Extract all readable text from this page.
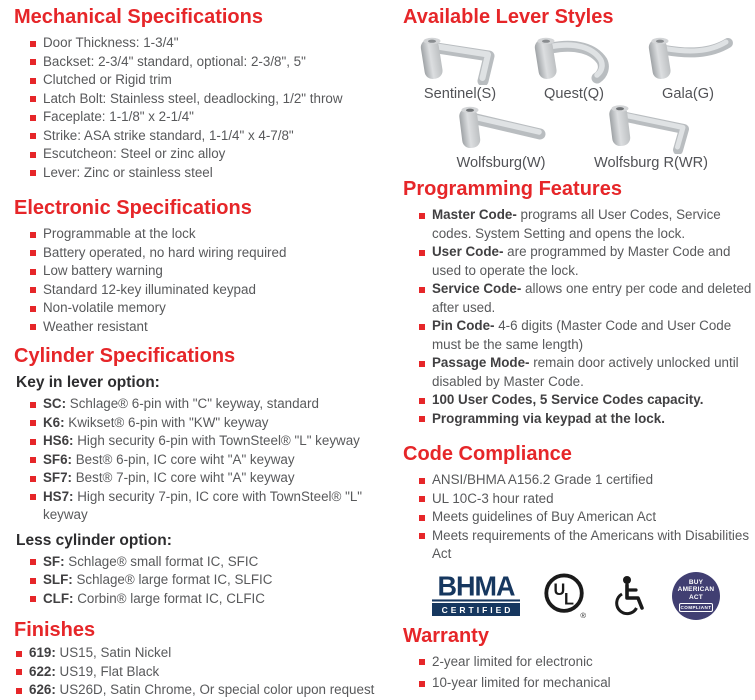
Mechanical Specifications
Door Thickness: 1-3/4"
Backset: 2-3/4" standard, optional: 2-3/8", 5"
Clutched or Rigid trim
Latch Bolt: Stainless steel, deadlocking, 1/2" throw
Faceplate: 1-1/8" x 2-1/4"
Strike: ASA strike standard, 1-1/4" x 4-7/8"
Escutcheon: Steel or zinc alloy
Lever: Zinc or stainless steel
Electronic Specifications
Programmable at the lock
Battery operated, no hard wiring required
Low battery warning
Standard 12-key illuminated keypad
Non-volatile memory
Weather resistant
Cylinder Specifications
Key in lever option:
SC: Schlage® 6-pin with "C" keyway, standard
K6: Kwikset® 6-pin with "KW" keyway
HS6: High security 6-pin with TownSteel® "L" keyway
SF6: Best® 6-pin, IC core wiht "A" keyway
SF7: Best® 7-pin, IC core wiht "A" keyway
HS7: High security 7-pin, IC core with TownSteel® "L" keyway
Less cylinder option:
SF: Schlage® small format IC, SFIC
SLF: Schlage® large format IC, SLFIC
CLF: Corbin® large format IC, CLFIC
Finishes
619: US15, Satin Nickel
622: US19, Flat Black
626: US26D, Satin Chrome, Or special color upon request
Available Lever Styles
Sentinel(S)	Quest(Q)	Gala(G)
Wolfsburg(W)	Wolfsburg R(WR)
Programming Features
Master Code- programs all User Codes, Service codes. System Setting and opens the lock.
User Code- are programmed by Master Code and used to operate the lock.
Service Code- allows one entry per code and deleted after used.
Pin Code- 4-6 digits (Master Code and User Code must be the same length)
Passage Mode- remain door actively unlocked until disabled by Master Code.
100 User Codes, 5 Service Codes capacity.
Programming via keypad at the lock.
Code Compliance
ANSI/BHMA A156.2 Grade 1 certified
UL 10C-3 hour rated
Meets guidelines of Buy American Act
Meets requirements of the Americans with Disabilities Act
BHMA
CERTIFIED
U
L
®
BUY
AMERICAN
ACT
COMPLIANT
Warranty
2-year limited for electronic
10-year limited for mechanical
